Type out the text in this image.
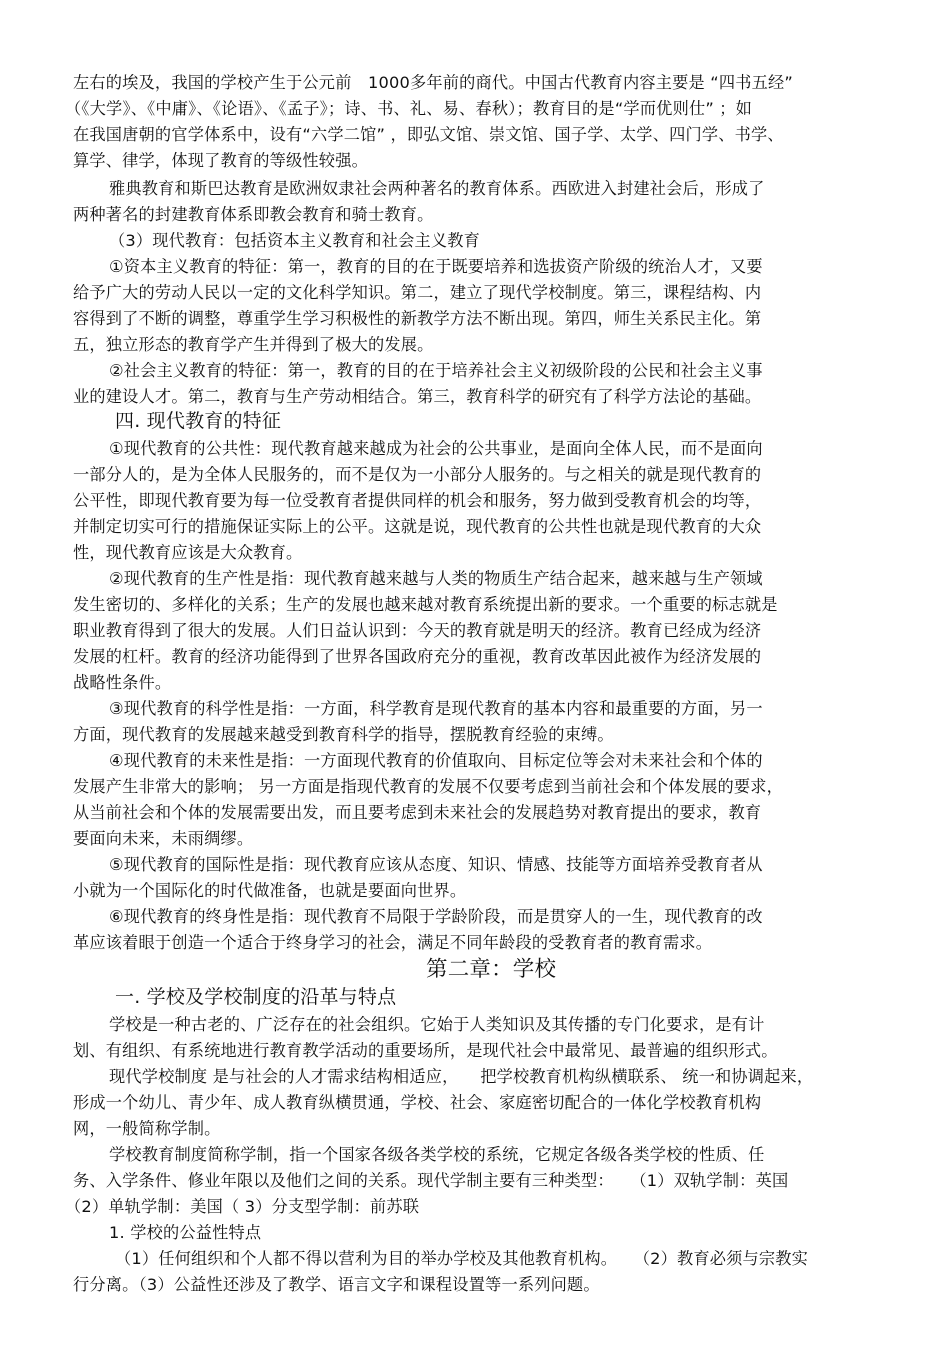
左右的埃及，我国的学校产生于公元前　1000多年前的商代。中国古代教育内容主要是 “四书五经”
（《大学》、《中庸》、《论语》、《孟子》；诗、书、礼、易、春秋）；教育目的是“学而优则仕” ；如
在我国唐朝的官学体系中，设有“六学二馆” ，即弘文馆、崇文馆、国子学、太学、四门学、书学、
算学、律学，体现了教育的等级性较强。
雅典教育和斯巴达教育是欧洲奴隶社会两种著名的教育体系。西欧进入封建社会后，形成了
两种著名的封建教育体系即教会教育和骑士教育。
（3）现代教育：包括资本主义教育和社会主义教育
①资本主义教育的特征：第一，教育的目的在于既要培养和选拔资产阶级的统治人才，又要
给予广大的劳动人民以一定的文化科学知识。第二，建立了现代学校制度。第三，课程结构、内
容得到了不断的调整，尊重学生学习积极性的新教学方法不断出现。第四，师生关系民主化。第
五，独立形态的教育学产生并得到了极大的发展。
②社会主义教育的特征：第一，教育的目的在于培养社会主义初级阶段的公民和社会主义事
业的建设人才。第二，教育与生产劳动相结合。第三，教育科学的研究有了科学方法论的基础。
四. 现代教育的特征
①现代教育的公共性：现代教育越来越成为社会的公共事业，是面向全体人民，而不是面向
一部分人的，是为全体人民服务的，而不是仅为一小部分人服务的。与之相关的就是现代教育的
公平性，即现代教育要为每一位受教育者提供同样的机会和服务，努力做到受教育机会的均等，
并制定切实可行的措施保证实际上的公平。这就是说，现代教育的公共性也就是现代教育的大众
性，现代教育应该是大众教育。
②现代教育的生产性是指：现代教育越来越与人类的物质生产结合起来，越来越与生产领域
发生密切的、多样化的关系；生产的发展也越来越对教育系统提出新的要求。一个重要的标志就是
职业教育得到了很大的发展。人们日益认识到：今天的教育就是明天的经济。教育已经成为经济
发展的杠杆。教育的经济功能得到了世界各国政府充分的重视，教育改革因此被作为经济发展的
战略性条件。
③现代教育的科学性是指：一方面，科学教育是现代教育的基本内容和最重要的方面，另一
方面，现代教育的发展越来越受到教育科学的指导，摆脱教育经验的束缚。
④现代教育的未来性是指：一方面现代教育的价值取向、目标定位等会对未来社会和个体的
发展产生非常大的影响； 另一方面是指现代教育的发展不仅要考虑到当前社会和个体发展的要求，
从当前社会和个体的发展需要出发，而且要考虑到未来社会的发展趋势对教育提出的要求，教育
要面向未来，未雨绸缪。
⑤现代教育的国际性是指：现代教育应该从态度、知识、情感、技能等方面培养受教育者从
小就为一个国际化的时代做准备，也就是要面向世界。
⑥现代教育的终身性是指：现代教育不局限于学龄阶段，而是贯穿人的一生，现代教育的改
革应该着眼于创造一个适合于终身学习的社会，满足不同年龄段的受教育者的教育需求。
第二章：学校
一. 学校及学校制度的沿革与特点
学校是一种古老的、广泛存在的社会组织。它始于人类知识及其传播的专门化要求，是有计
划、有组织、有系统地进行教育教学活动的重要场所，是现代社会中最常见、最普遍的组织形式。
现代学校制度 是与社会的人才需求结构相适应， 　把学校教育机构纵横联系、 统一和协调起来，
形成一个幼儿、青少年、成人教育纵横贯通，学校、社会、家庭密切配合的一体化学校教育机构
网，一般简称学制。
学校教育制度简称学制，指一个国家各级各类学校的系统，它规定各级各类学校的性质、任
务、入学条件、修业年限以及他们之间的关系。现代学制主要有三种类型：　　（1）双轨学制：英国
（2）单轨学制：美国（ 3）分支型学制：前苏联
1. 学校的公益性特点
（1）任何组织和个人都不得以营利为目的举办学校及其他教育机构。　　（2）教育必须与宗教实
行分离。（3）公益性还涉及了教学、语言文字和课程设置等一系列问题。
